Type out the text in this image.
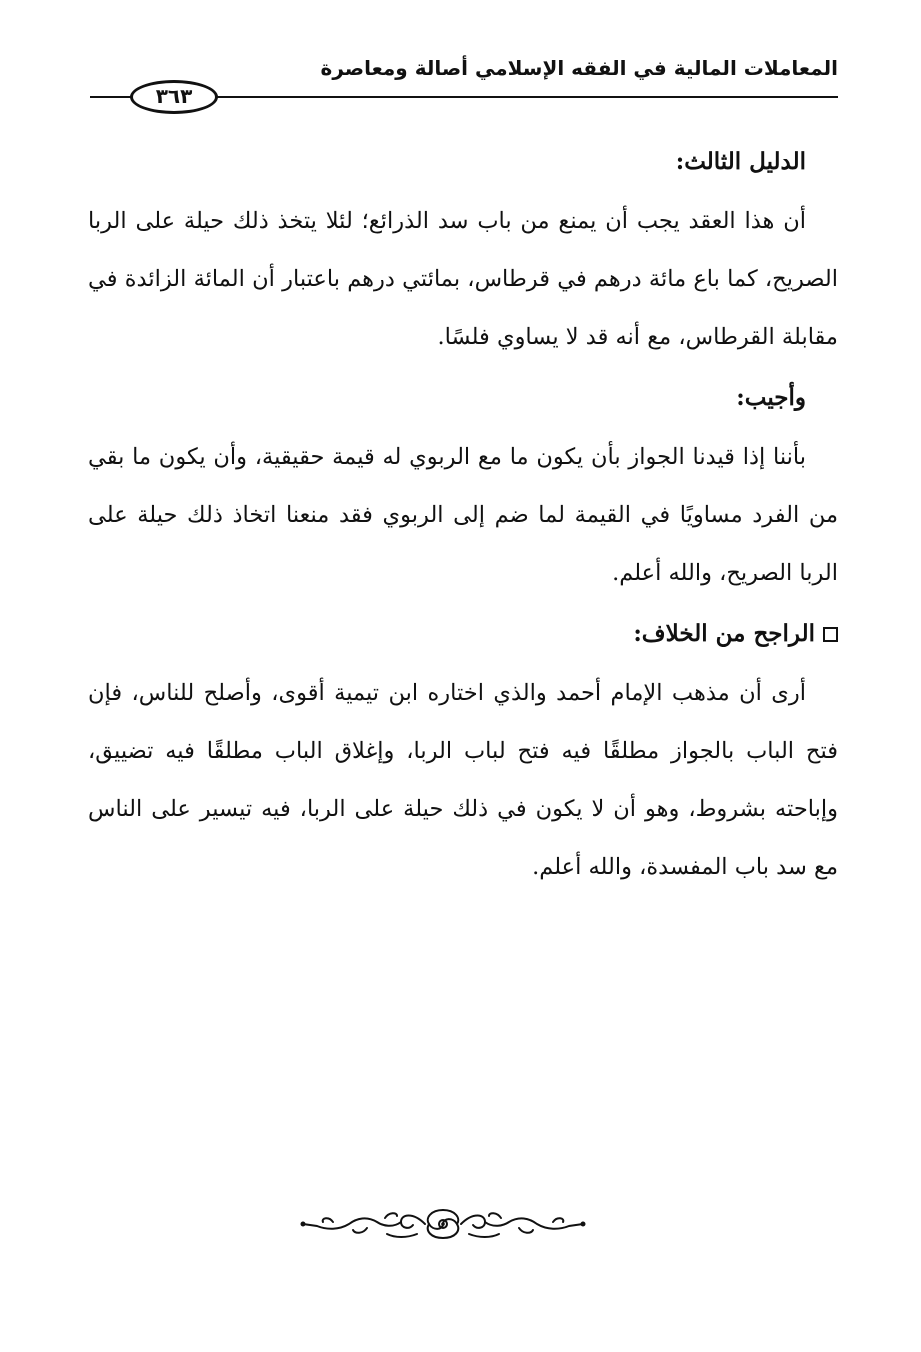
المعاملات المالية في الفقه الإسلامي أصالة ومعاصرة
٣٦٣
الدليل الثالث:

أن هذا العقد يجب أن يمنع من باب سد الذرائع؛ لئلا يتخذ ذلك حيلة على الربا الصريح، كما باع مائة درهم في قرطاس، بمائتي درهم باعتبار أن المائة الزائدة في مقابلة القرطاس، مع أنه قد لا يساوي فلسًا.

وأجيب:

بأننا إذا قيدنا الجواز بأن يكون ما مع الربوي له قيمة حقيقية، وأن يكون ما بقي من الفرد مساويًا في القيمة لما ضم إلى الربوي فقد منعنا اتخاذ ذلك حيلة على الربا الصريح، والله أعلم.

الراجح من الخلاف:

أرى أن مذهب الإمام أحمد والذي اختاره ابن تيمية أقوى، وأصلح للناس، فإن فتح الباب بالجواز مطلقًا فيه فتح لباب الربا، وإغلاق الباب مطلقًا فيه تضييق، وإباحته بشروط، وهو أن لا يكون في ذلك حيلة على الربا، فيه تيسير على الناس مع سد باب المفسدة، والله أعلم.
